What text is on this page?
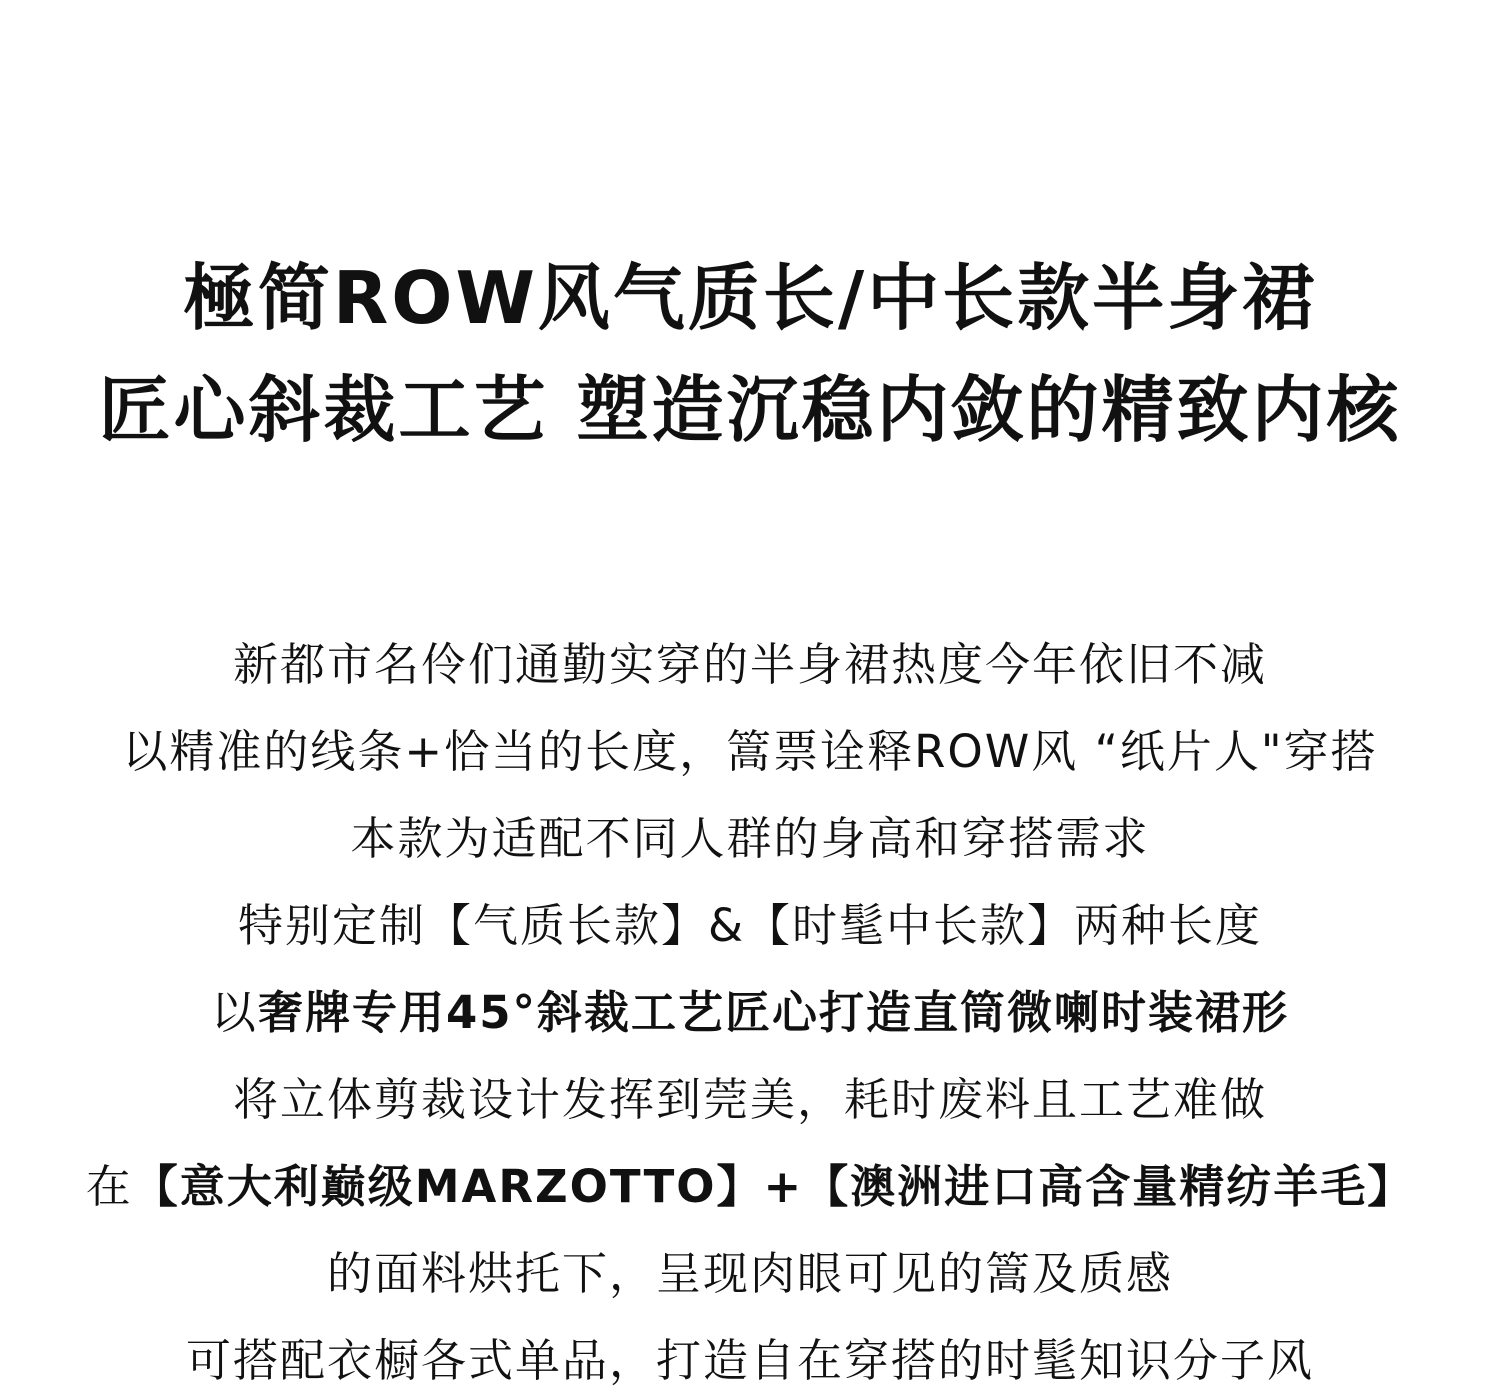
極简ROW风气质长/中长款半身裙
匠心斜裁工艺 塑造沉稳内敛的精致内核
新都市名伶们通勤实穿的半身裙热度今年依旧不减
以精准的线条+恰当的长度，篙票诠释ROW风 “纸片人"穿搭
本款为适配不同人群的身高和穿搭需求
特别定制【气质长款】&【时髦中长款】两种长度
以奢牌专用45°斜裁工艺匠心打造直筒微喇时装裙形
将立体剪裁设计发挥到莞美，耗时废料且工艺难做
在【意大利巅级MARZOTTO】+【澳洲进口高含量精纺羊毛】
的面料烘托下，呈现肉眼可见的篙及质感
可搭配衣橱各式单品，打造自在穿搭的时髦知识分子风
